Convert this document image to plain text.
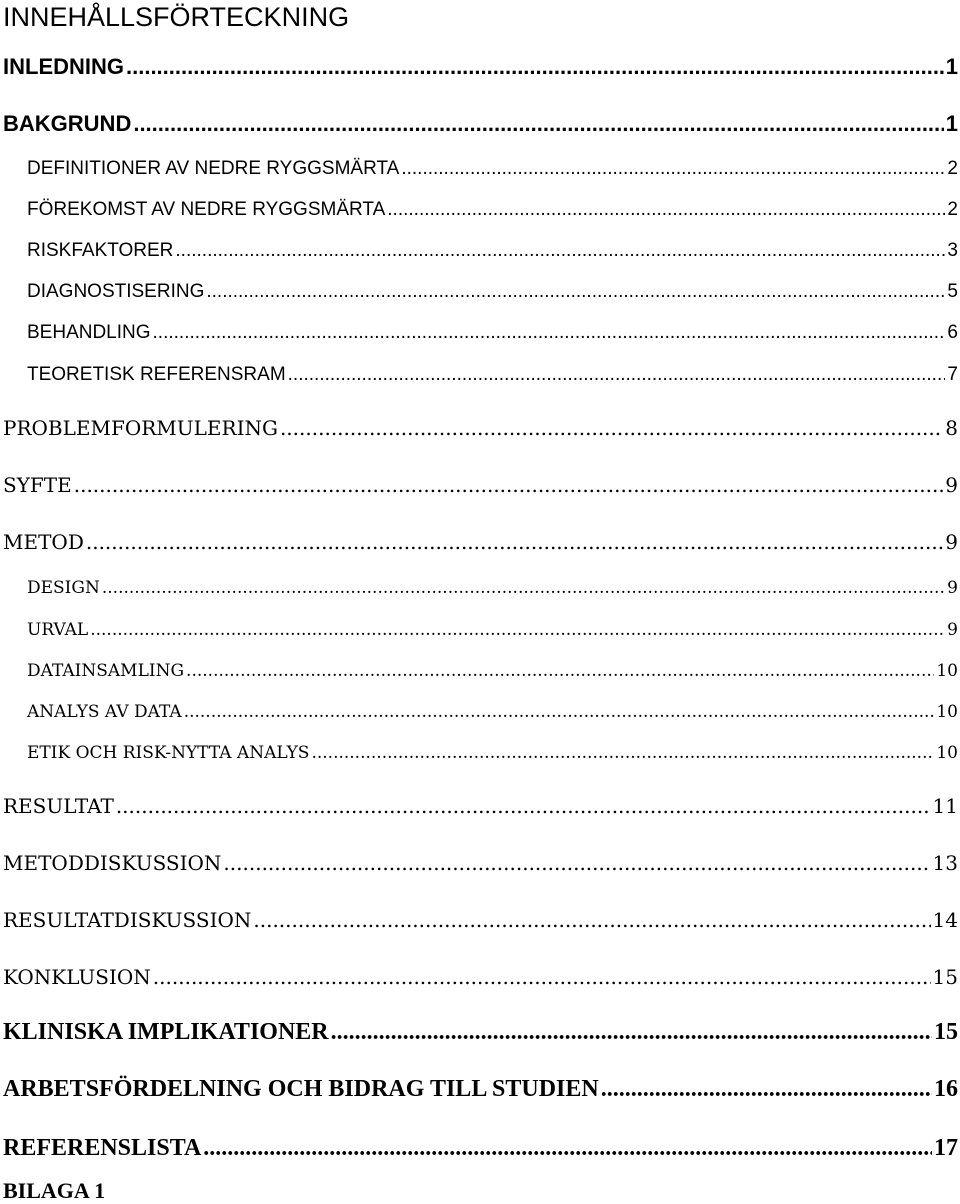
INNEHÅLLSFÖRTECKNING
INLEDNING .....	1
BAKGRUND .....	1
DEFINITIONER AV NEDRE RYGGSMÄRTA .....	2
FÖREKOMST AV NEDRE RYGGSMÄRTA .....	2
RISKFAKTORER .....	3
DIAGNOSTISERING .....	5
BEHANDLING .....	6
TEORETISK REFERENSRAM .....	7
PROBLEMFORMULERING .....	8
SYFTE .....	9
METOD .....	9
DESIGN .....	9
URVAL .....	9
DATAINSAMLING .....	10
ANALYS AV DATA .....	10
ETIK OCH RISK-NYTTA ANALYS .....	10
RESULTAT .....	11
METODDISKUSSION .....	13
RESULTATDISKUSSION .....	14
KONKLUSION .....	15
KLINISKA IMPLIKATIONER .....	15
ARBETSFÖRDELNING OCH BIDRAG TILL STUDIEN .....	16
REFERENSLISTA .....	17
BILAGA 1
